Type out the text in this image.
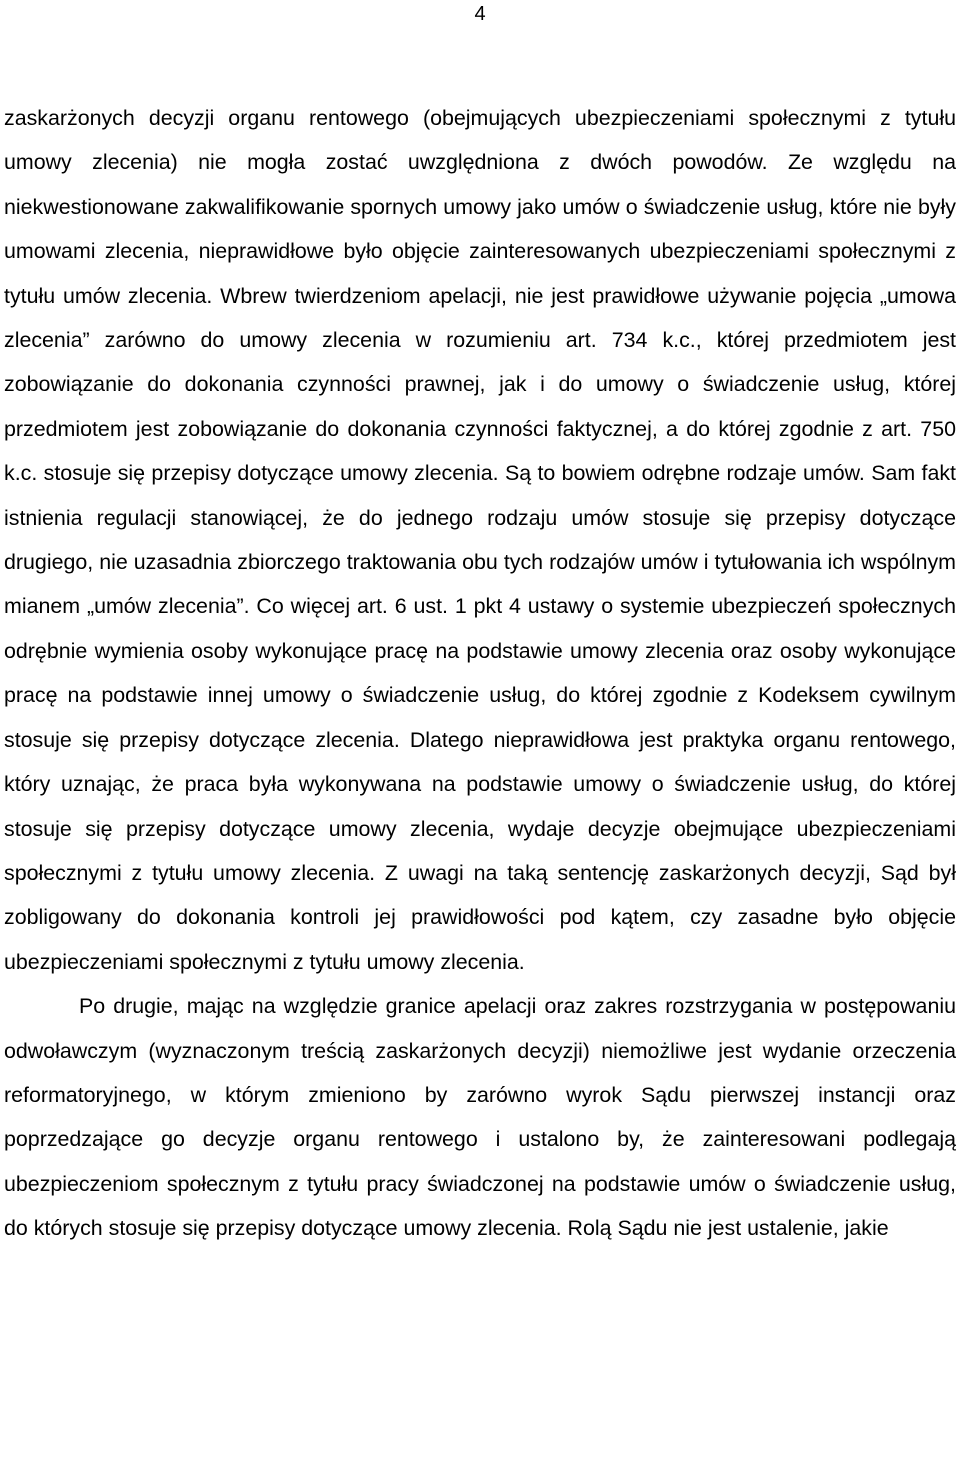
4

zaskarżonych decyzji organu rentowego (obejmujących ubezpieczeniami społecznymi z tytułu umowy zlecenia) nie mogła zostać uwzględniona z dwóch powodów. Ze względu na niekwestionowane zakwalifikowanie spornych umowy jako umów o świadczenie usług, które nie były umowami zlecenia, nieprawidłowe było objęcie zainteresowanych ubezpieczeniami społecznymi z tytułu umów zlecenia. Wbrew twierdzeniom apelacji, nie jest prawidłowe używanie pojęcia „umowa zlecenia” zarówno do umowy zlecenia w rozumieniu art. 734 k.c., której przedmiotem jest zobowiązanie do dokonania czynności prawnej, jak i do umowy o świadczenie usług, której przedmiotem jest zobowiązanie do dokonania czynności faktycznej, a do której zgodnie z art. 750 k.c. stosuje się przepisy dotyczące umowy zlecenia. Są to bowiem odrębne rodzaje umów. Sam fakt istnienia regulacji stanowiącej, że do jednego rodzaju umów stosuje się przepisy dotyczące drugiego, nie uzasadnia zbiorczego traktowania obu tych rodzajów umów i tytułowania ich wspólnym mianem „umów zlecenia”. Co więcej art. 6 ust. 1 pkt 4 ustawy o systemie ubezpieczeń społecznych odrębnie wymienia osoby wykonujące pracę na podstawie umowy zlecenia oraz osoby wykonujące pracę na podstawie innej umowy o świadczenie usług, do której zgodnie z Kodeksem cywilnym stosuje się przepisy dotyczące zlecenia. Dlatego nieprawidłowa jest praktyka organu rentowego, który uznając, że praca była wykonywana na podstawie umowy o świadczenie usług, do której stosuje się przepisy dotyczące umowy zlecenia, wydaje decyzje obejmujące ubezpieczeniami społecznymi z tytułu umowy zlecenia. Z uwagi na taką sentencję zaskarżonych decyzji, Sąd był zobligowany do dokonania kontroli jej prawidłowości pod kątem, czy zasadne było objęcie ubezpieczeniami społecznymi z tytułu umowy zlecenia.

Po drugie, mając na względzie granice apelacji oraz zakres rozstrzygania w postępowaniu odwoławczym (wyznaczonym treścią zaskarżonych decyzji) niemożliwe jest wydanie orzeczenia reformatoryjnego, w którym zmieniono by zarówno wyrok Sądu pierwszej instancji oraz poprzedzające go decyzje organu rentowego i ustalono by, że zainteresowani podlegają ubezpieczeniom społecznym z tytułu pracy świadczonej na podstawie umów o świadczenie usług, do których stosuje się przepisy dotyczące umowy zlecenia. Rolą Sądu nie jest ustalenie, jakie
